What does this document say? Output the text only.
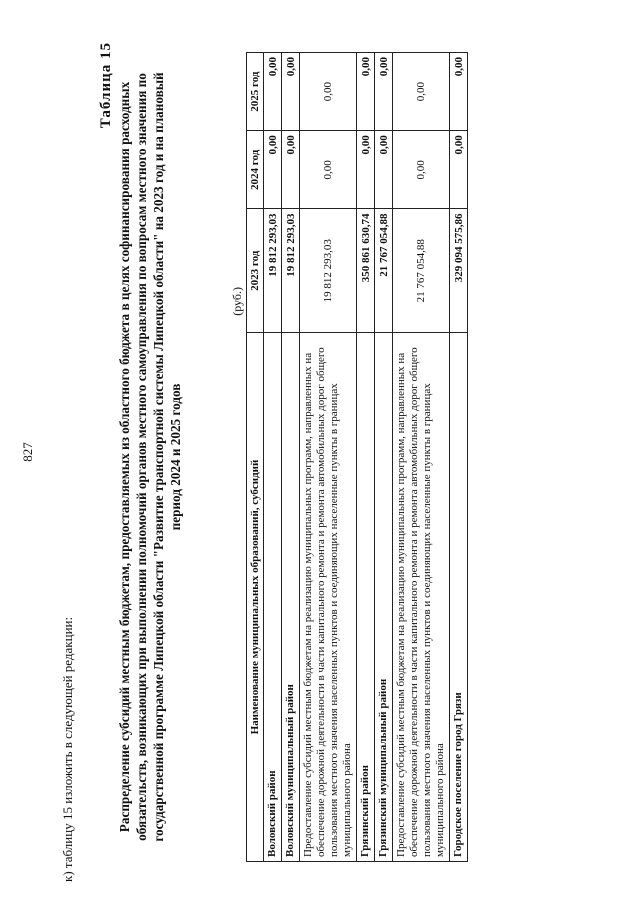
827
к) таблицу 15 изложить в следующей редакции:
Таблица 15 Распределение субсидий местным бюджетам, предоставляемых из областного бюджета в целях софинансирования расходных обязательств, возникающих при выполнении полномочий органов местного самоуправления по вопросам местного значения по государственной программе Липецкой области "Развитие транспортной системы Липецкой области" на 2023 год и на плановый период 2024 и 2025 годов
(руб.)
Наименование муниципальных образований, субсидий	2023 год	2024 год	2025 год
Воловский район	19 812 293,03	0,00	0,00
Воловский муниципальный район	19 812 293,03	0,00	0,00
Предоставление субсидий местным бюджетам на реализацию муниципальных программ, направленных на обеспечение дорожной деятельности в части капитального ремонта и ремонта автомобильных дорог общего пользования местного значения населенных пунктов и соединяющих населенные пункты в границах муниципального района	19 812 293,03	0,00	0,00
Грязинский район	350 861 630,74	0,00	0,00
Грязинский муниципальный район	21 767 054,88	0,00	0,00
Предоставление субсидий местным бюджетам на реализацию муниципальных программ, направленных на обеспечение дорожной деятельности в части капитального ремонта и ремонта автомобильных дорог общего пользования местного значения населенных пунктов и соединяющих населенные пункты в границах муниципального района	21 767 054,88	0,00	0,00
Городское поселение город Грязи	329 094 575,86	0,00	0,00
